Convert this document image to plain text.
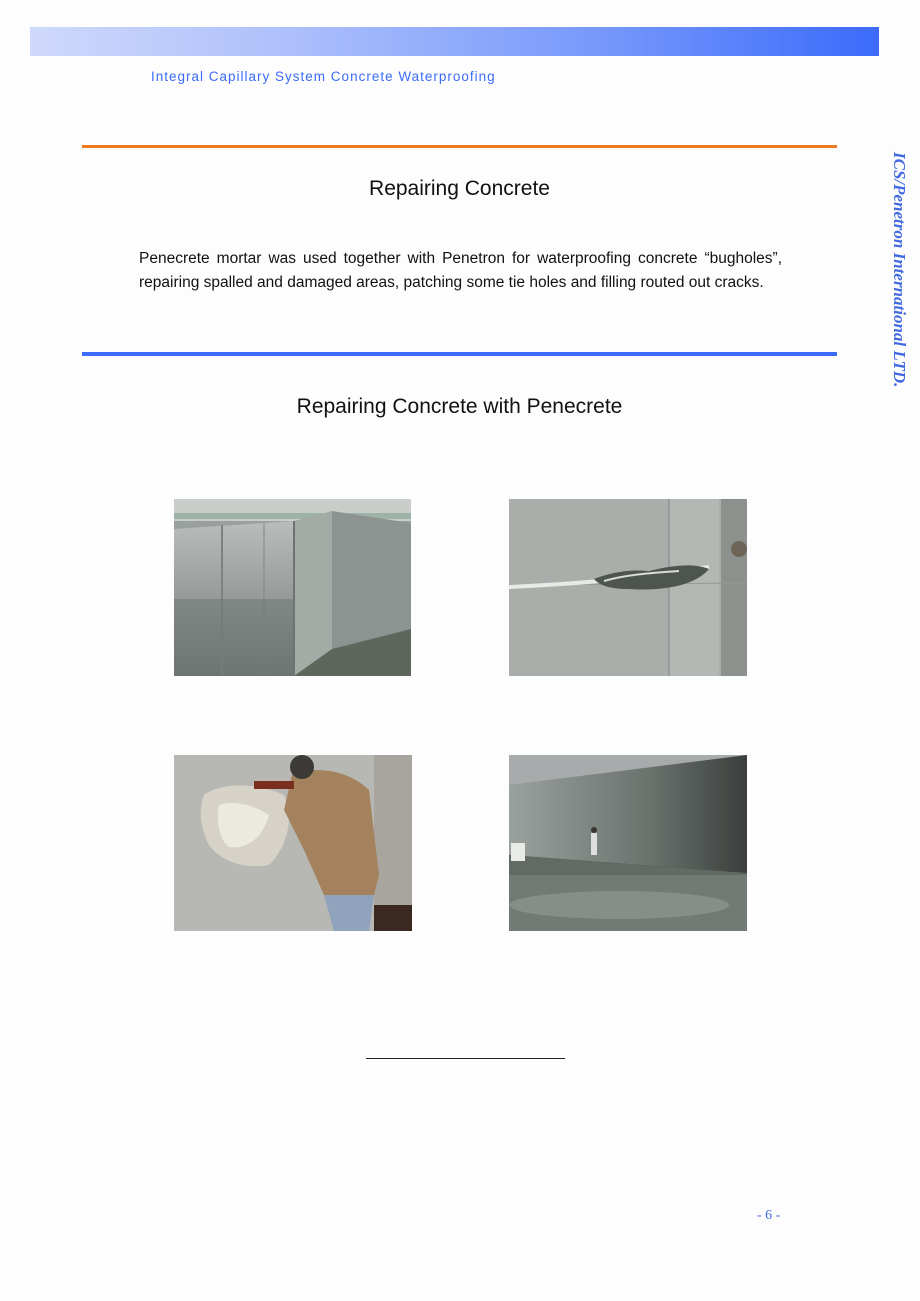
Integral Capillary System Concrete Waterproofing
ICS/Penetron International LTD.
Repairing Concrete
Penecrete mortar was used together with Penetron for waterproofing concrete “bugholes”, repairing spalled and damaged areas, patching some tie holes and filling routed out cracks.
Repairing Concrete with Penecrete
- 6 -
